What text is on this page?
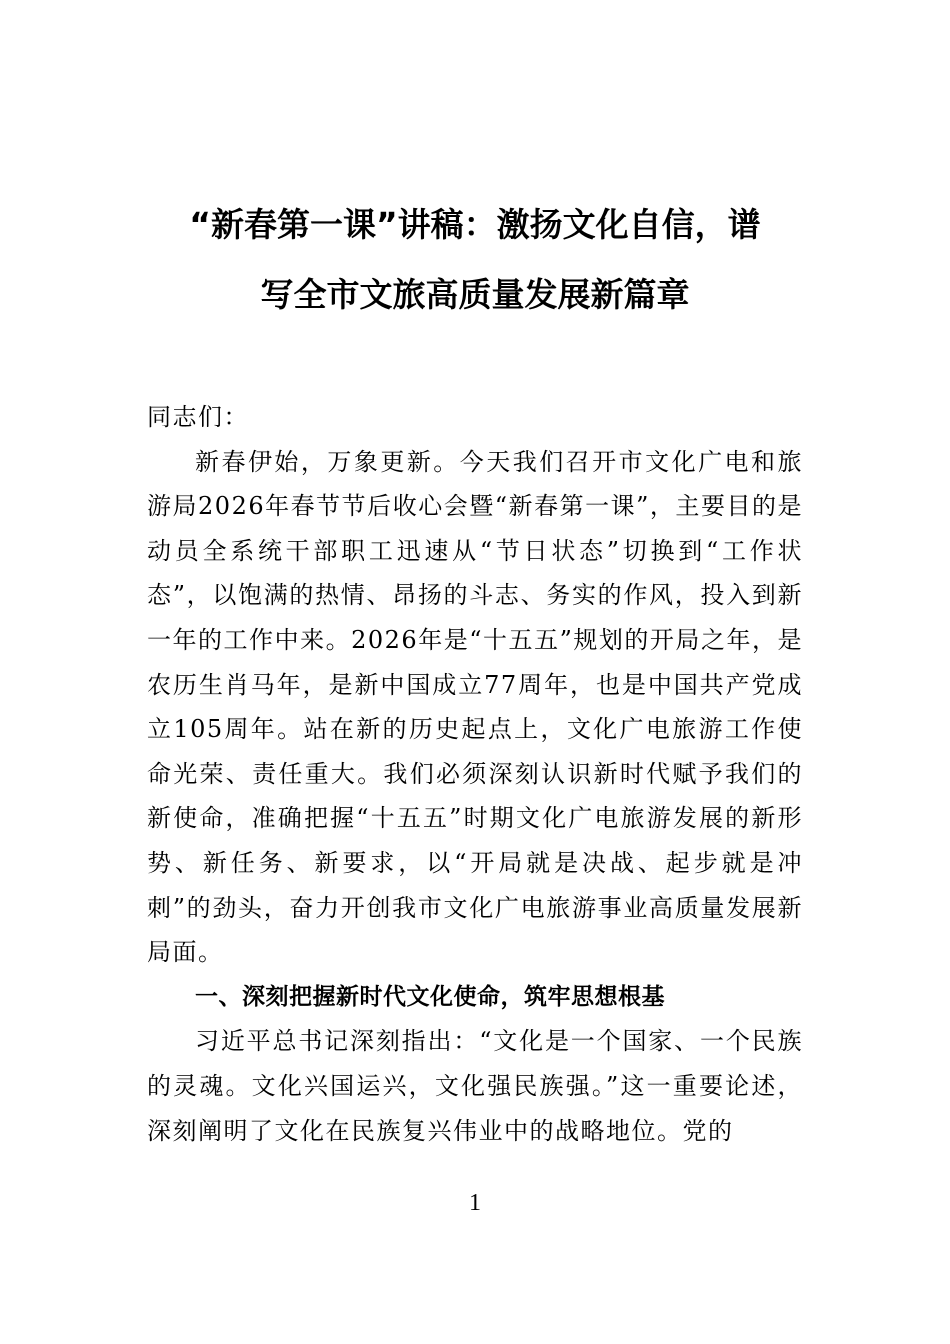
“新春第一课”讲稿：激扬文化自信，谱
写全市文旅高质量发展新篇章

同志们：

新春伊始，万象更新。今天我们召开市文化广电和旅游局2026年春节节后收心会暨“新春第一课”，主要目的是动员全系统干部职工迅速从“节日状态”切换到“工作状态”，以饱满的热情、昂扬的斗志、务实的作风，投入到新一年的工作中来。2026年是“十五五”规划的开局之年，是农历生肖马年，是新中国成立77周年，也是中国共产党成立105周年。站在新的历史起点上，文化广电旅游工作使命光荣、责任重大。我们必须深刻认识新时代赋予我们的新使命，准确把握“十五五”时期文化广电旅游发展的新形势、新任务、新要求，以“开局就是决战、起步就是冲刺”的劲头，奋力开创我市文化广电旅游事业高质量发展新局面。

一、深刻把握新时代文化使命，筑牢思想根基

习近平总书记深刻指出：“文化是一个国家、一个民族的灵魂。文化兴国运兴，文化强民族强。”这一重要论述，深刻阐明了文化在民族复兴伟业中的战略地位。党的

1
